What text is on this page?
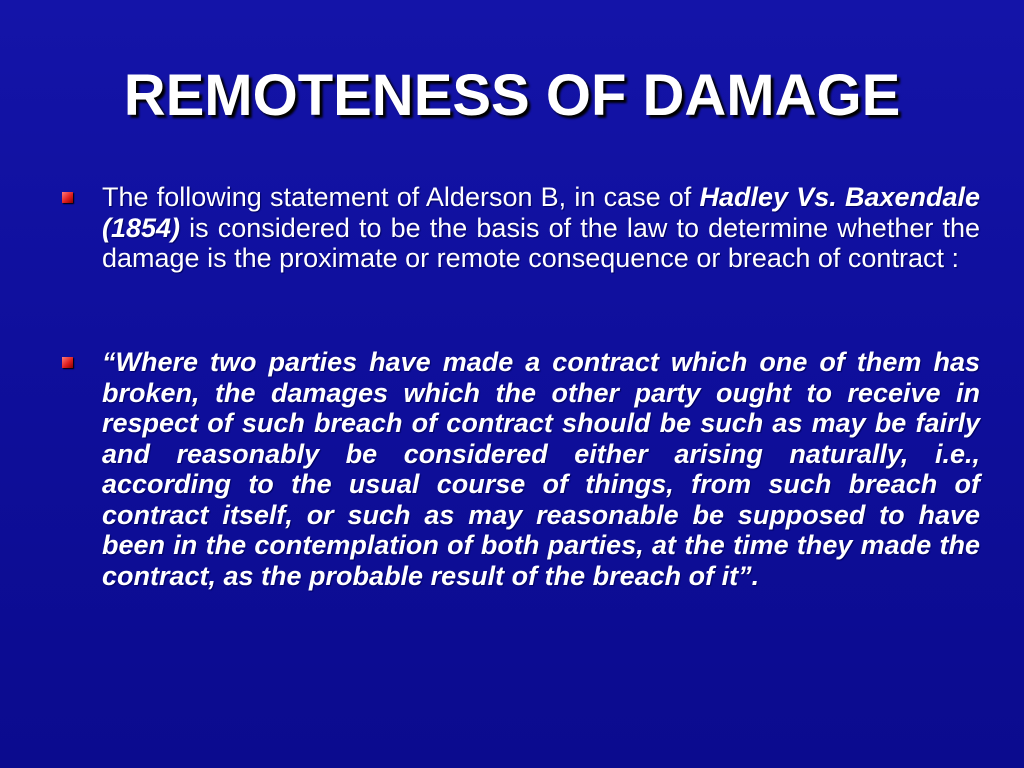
REMOTENESS OF DAMAGE
The following statement of Alderson B, in case of Hadley Vs. Baxendale (1854) is considered to be the basis of the law to determine whether the damage is the proximate or remote consequence or breach of contract :
“Where two parties have made a contract which one of them has broken, the damages which the other party ought to receive in respect of such breach of contract should be such as may be fairly and reasonably be considered either arising naturally, i.e., according to the usual course of things, from such breach of contract itself, or such as may reasonable be supposed to have been in the contemplation of both parties, at the time they made the contract, as the probable result of the breach of it”.
